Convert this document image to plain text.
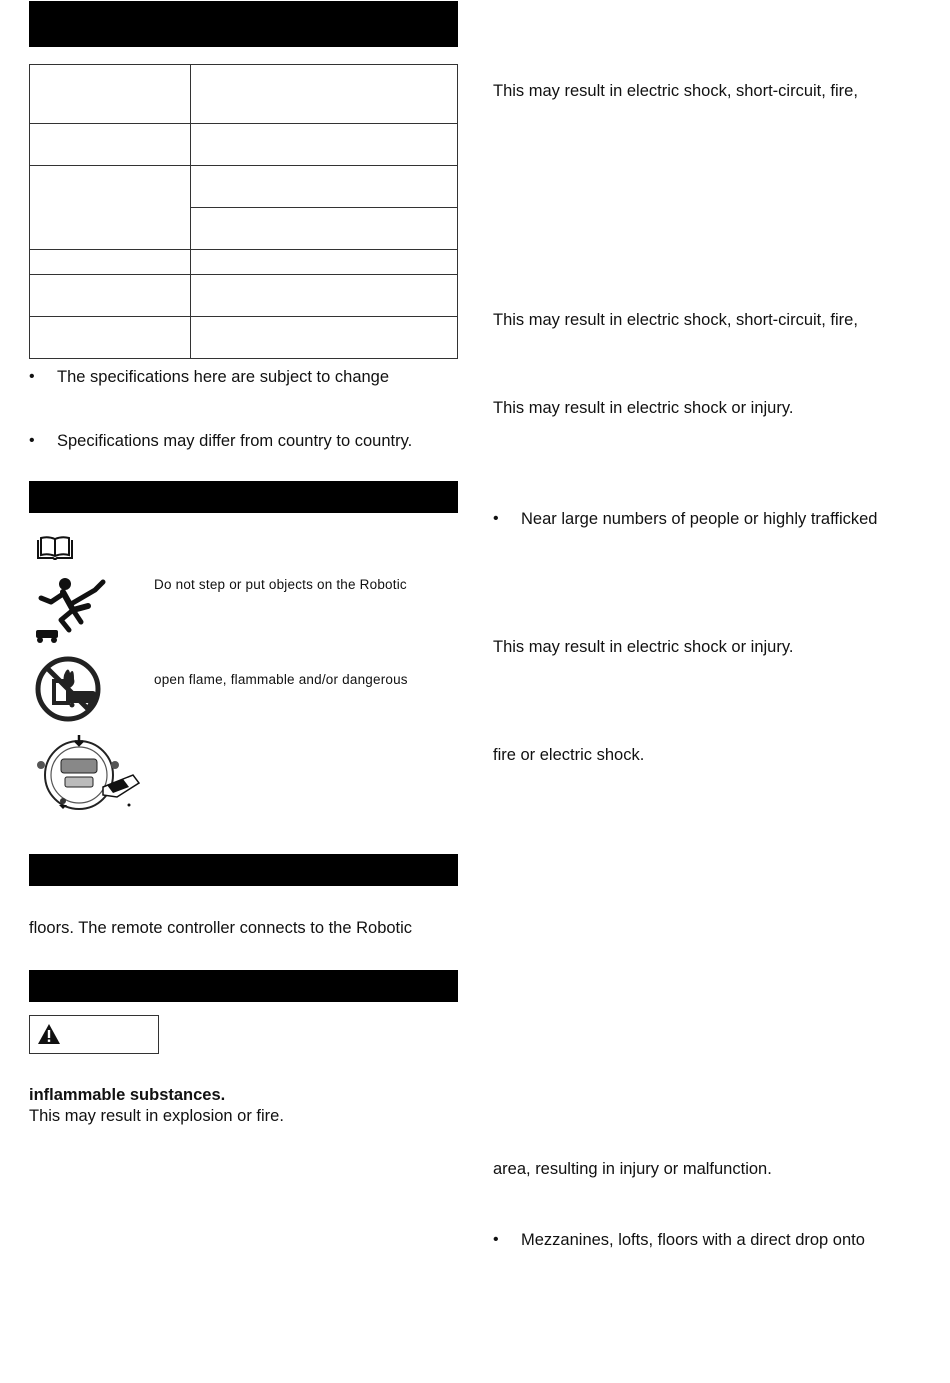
• The specifications here are subject to change
• Specifications may differ from country to country.
Do not step or put objects on the Robotic
open flame, flammable and/or dangerous
floors. The remote controller connects to the Robotic
inflammable substances.
This may result in explosion or fire.
This may result in electric shock, short-circuit, fire,
This may result in electric shock, short-circuit, fire,
This may result in electric shock or injury.
• Near large numbers of people or highly trafficked
This may result in electric shock or injury.
fire or electric shock.
area, resulting in injury or malfunction.
• Mezzanines, lofts, floors with a direct drop onto
